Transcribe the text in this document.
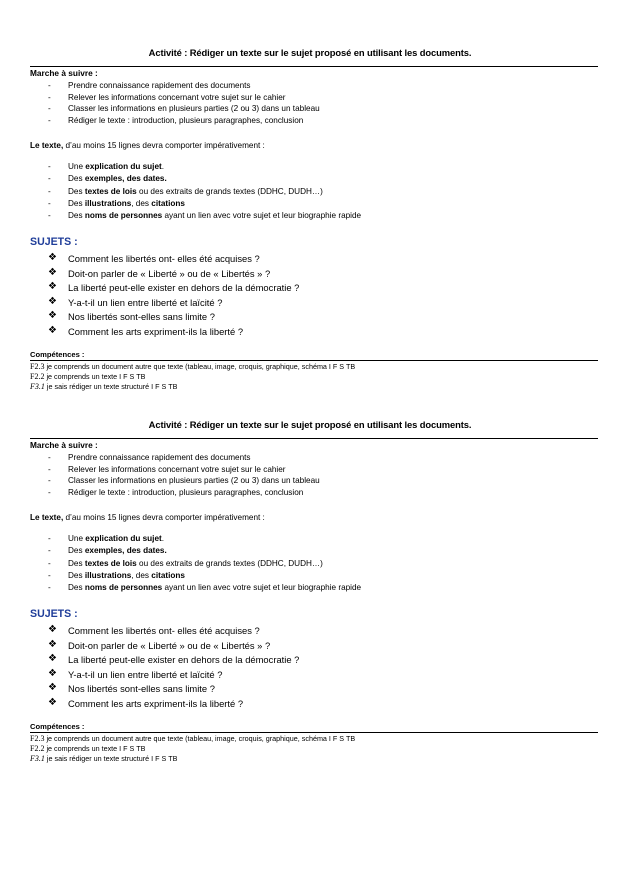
Activité : Rédiger un texte sur le sujet proposé en utilisant les documents.
Marche à suivre :
- Prendre connaissance rapidement des documents
- Relever les informations concernant votre sujet sur le cahier
- Classer les informations en plusieurs parties (2 ou 3) dans un tableau
- Rédiger le texte : introduction, plusieurs paragraphes, conclusion
Le texte, d’au moins 15 lignes devra comporter impérativement :
- Une explication du sujet.
- Des exemples, des dates.
- Des textes de lois ou des extraits de grands textes (DDHC, DUDH…)
- Des illustrations, des citations
- Des noms de personnes ayant un lien avec votre sujet et leur biographie rapide
SUJETS :
❖ Comment les libertés ont- elles été acquises ?
❖ Doit-on parler de « Liberté » ou de « Libertés » ?
❖ La liberté peut-elle exister en dehors de la démocratie ?
❖ Y-a-t-il un lien entre liberté et laïcité ?
❖ Nos libertés sont-elles sans limite ?
❖ Comment les arts expriment-ils la liberté ?
Compétences :
F2.3 je comprends un document autre que texte (tableau, image, croquis, graphique, schéma I F S TB
F2.2 je comprends un texte I F S TB
F3.1 je sais rédiger un texte structuré I F S TB
Activité : Rédiger un texte sur le sujet proposé en utilisant les documents.
Marche à suivre :
- Prendre connaissance rapidement des documents
- Relever les informations concernant votre sujet sur le cahier
- Classer les informations en plusieurs parties (2 ou 3) dans un tableau
- Rédiger le texte : introduction, plusieurs paragraphes, conclusion
Le texte, d’au moins 15 lignes devra comporter impérativement :
- Une explication du sujet.
- Des exemples, des dates.
- Des textes de lois ou des extraits de grands textes (DDHC, DUDH…)
- Des illustrations, des citations
- Des noms de personnes ayant un lien avec votre sujet et leur biographie rapide
SUJETS :
❖ Comment les libertés ont- elles été acquises ?
❖ Doit-on parler de « Liberté » ou de « Libertés » ?
❖ La liberté peut-elle exister en dehors de la démocratie ?
❖ Y-a-t-il un lien entre liberté et laïcité ?
❖ Nos libertés sont-elles sans limite ?
❖ Comment les arts expriment-ils la liberté ?
Compétences :
F2.3 je comprends un document autre que texte (tableau, image, croquis, graphique, schéma I F S TB
F2.2 je comprends un texte I F S TB
F3.1 je sais rédiger un texte structuré I F S TB
